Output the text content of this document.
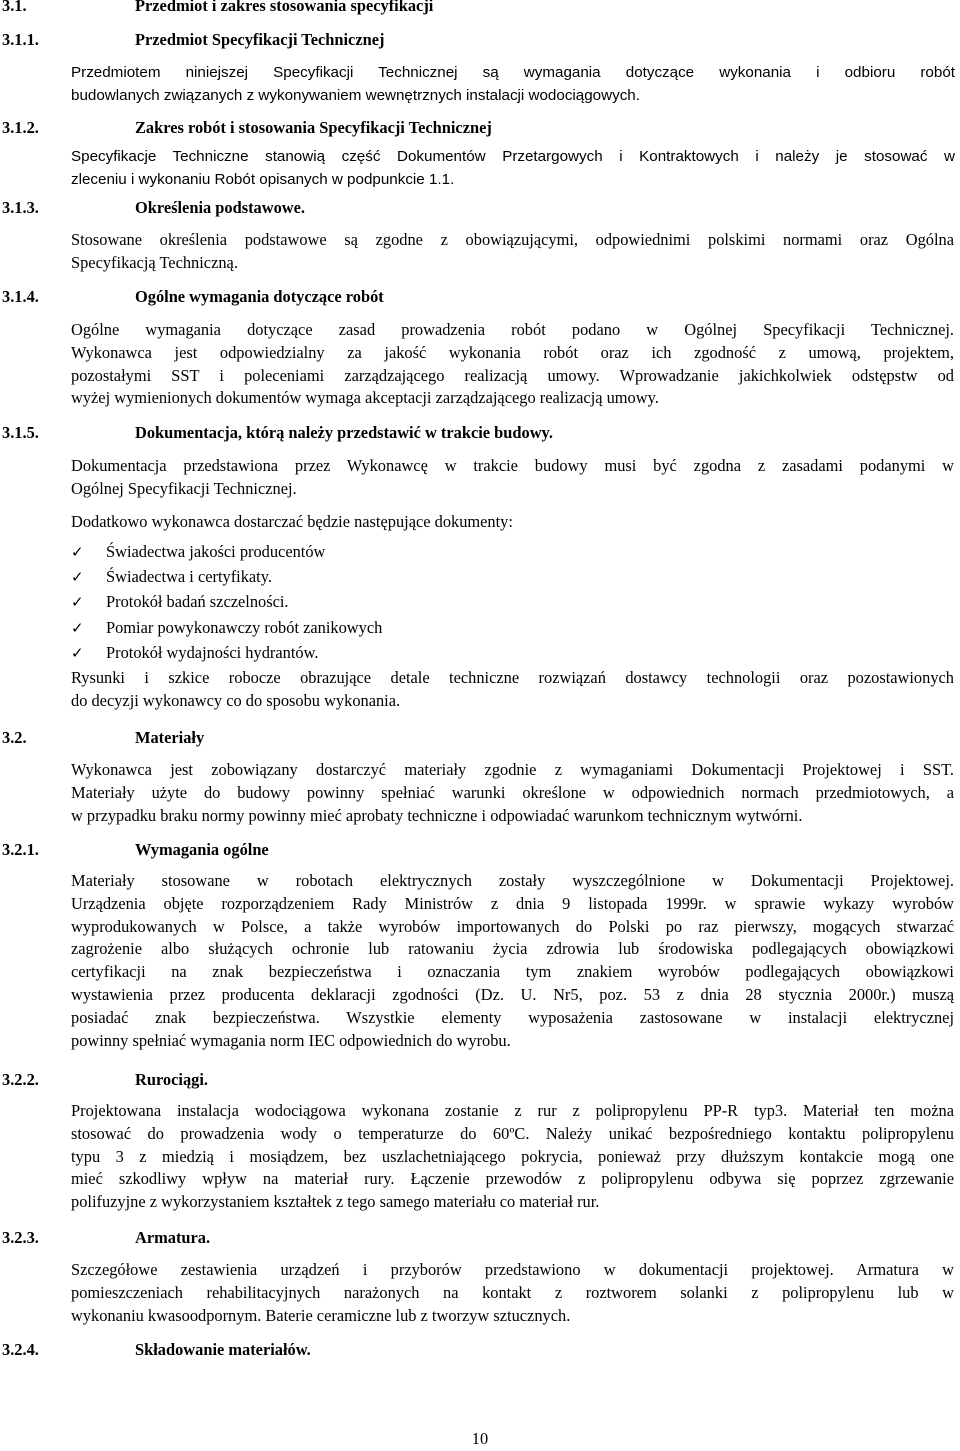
3.1.	Przedmiot i zakres stosowania specyfikacji
3.1.1.	Przedmiot Specyfikacji Technicznej
Przedmiotem niniejszej Specyfikacji Technicznej są wymagania dotyczące wykonania i odbioru robót
budowlanych związanych z wykonywaniem wewnętrznych instalacji wodociągowych.
3.1.2.	Zakres robót i stosowania Specyfikacji Technicznej
Specyfikacje Techniczne stanowią część Dokumentów Przetargowych i Kontraktowych i należy je stosować w
zleceniu i wykonaniu Robót opisanych w podpunkcie 1.1.
3.1.3.	Określenia podstawowe.
Stosowane określenia podstawowe są zgodne z obowiązującymi, odpowiednimi polskimi normami oraz Ogólna
Specyfikacją Techniczną.
3.1.4.	Ogólne wymagania dotyczące robót
Ogólne wymagania dotyczące zasad prowadzenia robót podano w Ogólnej Specyfikacji Technicznej.
Wykonawca jest odpowiedzialny za jakość wykonania robót oraz ich zgodność z umową, projektem,
pozostałymi SST i poleceniami zarządzającego realizacją umowy. Wprowadzanie jakichkolwiek odstępstw od
wyżej wymienionych dokumentów wymaga akceptacji zarządzającego realizacją umowy.
3.1.5.	Dokumentacja, którą należy przedstawić w trakcie budowy.
Dokumentacja przedstawiona przez Wykonawcę w trakcie budowy musi być zgodna z zasadami podanymi w
Ogólnej Specyfikacji Technicznej.
Dodatkowo wykonawca dostarczać będzie następujące dokumenty:
✓ Świadectwa jakości producentów
✓ Świadectwa i certyfikaty.
✓ Protokół badań szczelności.
✓ Pomiar powykonawczy robót zanikowych
✓ Protokół wydajności hydrantów.
Rysunki i szkice robocze obrazujące detale techniczne rozwiązań dostawcy technologii oraz pozostawionych
do decyzji wykonawcy co do sposobu wykonania.
3.2.	Materiały
Wykonawca jest zobowiązany dostarczyć materiały zgodnie z wymaganiami Dokumentacji Projektowej i SST.
Materiały użyte do budowy powinny spełniać warunki określone w odpowiednich normach przedmiotowych, a
w przypadku braku normy powinny mieć aprobaty techniczne i odpowiadać warunkom technicznym wytwórni.
3.2.1.	Wymagania ogólne
Materiały stosowane w robotach elektrycznych zostały wyszczególnione w Dokumentacji Projektowej.
Urządzenia objęte rozporządzeniem Rady Ministrów z dnia 9 listopada 1999r. w sprawie wykazy wyrobów
wyprodukowanych w Polsce, a także wyrobów importowanych do Polski po raz pierwszy, mogących stwarzać
zagrożenie albo służących ochronie lub ratowaniu życia zdrowia lub środowiska podlegających obowiązkowi
certyfikacji na znak bezpieczeństwa i oznaczania tym znakiem wyrobów podlegających obowiązkowi
wystawienia przez producenta deklaracji zgodności (Dz. U. Nr5, poz. 53 z dnia 28 stycznia 2000r.) muszą
posiadać znak bezpieczeństwa. Wszystkie elementy wyposażenia zastosowane w instalacji elektrycznej
powinny spełniać wymagania norm IEC odpowiednich do wyrobu.
3.2.2.	Rurociągi.
Projektowana instalacja wodociągowa wykonana zostanie z rur z polipropylenu PP-R typ3. Materiał ten można
stosować do prowadzenia wody o temperaturze do 60ºC. Należy unikać bezpośredniego kontaktu polipropylenu
typu 3 z miedzią i mosiądzem, bez uszlachetniającego pokrycia, ponieważ przy dłuższym kontakcie mogą one
mieć szkodliwy wpływ na materiał rury. Łączenie przewodów z polipropylenu odbywa się poprzez zgrzewanie
polifuzyjne z wykorzystaniem kształtek z tego samego materiału co materiał rur.
3.2.3.	Armatura.
Szczegółowe zestawienia urządzeń i przyborów przedstawiono w dokumentacji projektowej. Armatura w
pomieszczeniach rehabilitacyjnych narażonych na kontakt z roztworem solanki z polipropylenu lub w
wykonaniu kwasoodpornym. Baterie ceramiczne lub z tworzyw sztucznych.
3.2.4.	Składowanie materiałów.
10
